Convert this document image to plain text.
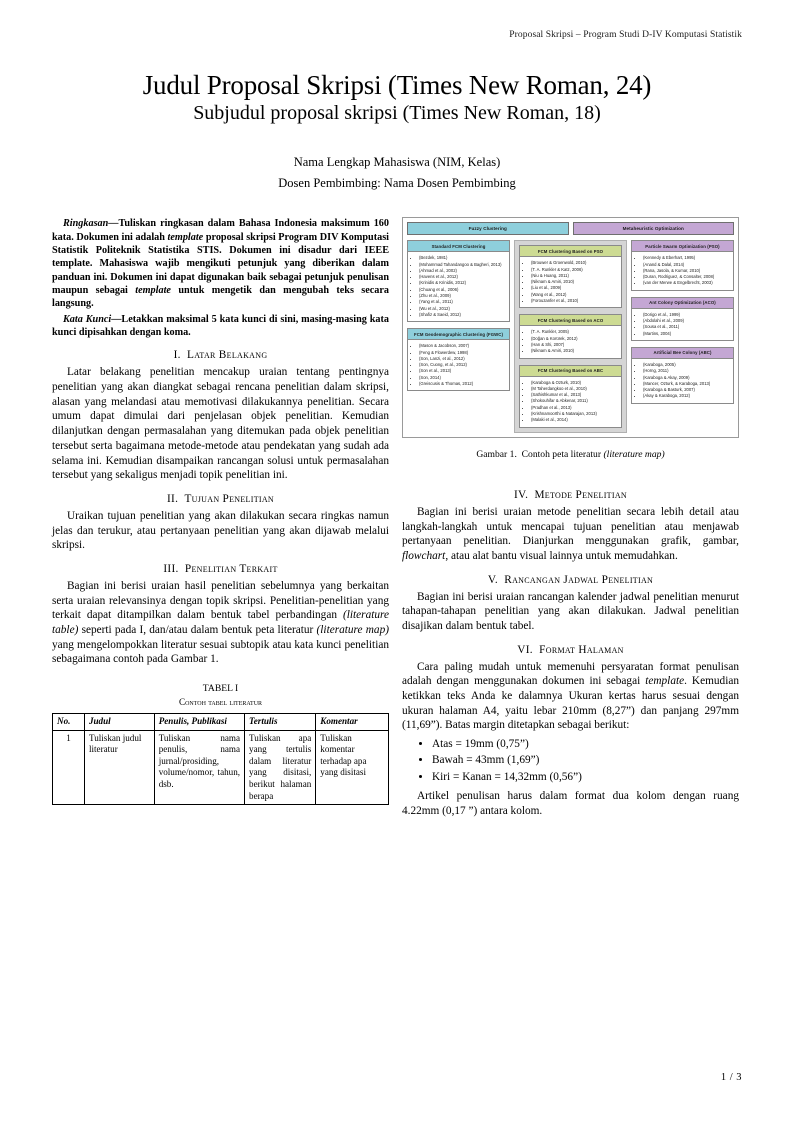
Proposal Skripsi – Program Studi D-IV Komputasi Statistik
Judul Proposal Skripsi (Times New Roman, 24)
Subjudul proposal skripsi (Times New Roman, 18)
Nama Lengkap Mahasiswa (NIM, Kelas)
Dosen Pembimbing: Nama Dosen Pembimbing
Ringkasan—Tuliskan ringkasan dalam Bahasa Indonesia maksimum 160 kata. Dokumen ini adalah template proposal skripsi Program DIV Komputasi Statistik Politeknik Statistika STIS. Dokumen ini disadur dari IEEE template. Mahasiswa wajib mengikuti petunjuk yang diberikan dalam panduan ini. Dokumen ini dapat digunakan baik sebagai petunjuk penulisan maupun sebagai template untuk mengetik dan mengubah teks secara langsung.
Kata Kunci—Letakkan maksimal 5 kata kunci di sini, masing-masing kata kunci dipisahkan dengan koma.
I. Latar Belakang

Latar belakang penelitian mencakup uraian tentang pentingnya penelitian yang akan diangkat sebagai rencana penelitian dalam skripsi, alasan yang melandasi atau memotivasi dilakukannya penelitian. Secara umum dapat dimulai dari penjelasan objek penelitian. Kemudian dilanjutkan dengan permasalahan yang ditemukan pada objek penelitian tersebut serta bagaimana metode-metode atau pendekatan yang sudah ada selama ini. Kemudian disampaikan rancangan solusi untuk permasalahan tersebut yang sekaligus menjadi topik penelitian ini.

II. Tujuan Penelitian

Uraikan tujuan penelitian yang akan dilakukan secara ringkas namun jelas dan terukur, atau pertanyaan penelitian yang akan dijawab melalui skripsi.

III. Penelitian Terkait

Bagian ini berisi uraian hasil penelitian sebelumnya yang berkaitan serta uraian relevansinya dengan topik skripsi. Penelitian-penelitian yang terkait dapat ditampilkan dalam bentuk tabel perbandingan (literature table) seperti pada I, dan/atau dalam bentuk peta literatur (literature map) yang mengelompokkan literatur sesuai subtopik atau kata kunci penelitian sebagaimana contoh pada Gambar 1.

TABEL I
Contoh tabel literatur
No.	Judul	Penulis, Publikasi	Tertulis	Komentar
1	Tuliskan judul literatur	Tuliskan nama penulis, nama jurnal/prosiding, volume/nomor, tahun, dsb.	Tuliskan apa yang tertulis dalam literatur yang disitasi, berikut halaman berapa	Tuliskan komentar terhadap apa yang disitasi
Fuzzy Clustering	Metaheuristic Optimization
Standard FCM Clustering
• (Bezdek, 1981)
• (Mohammad Tahandangoo & Bagheri, 2013)
• (Ahmad et al., 2002)
• (Havens et al., 2012)
• (Krinidis & Krinidis, 2012)
• (Chuang et al., 2006)
• (Zhu et al., 2009)
• (Yang et al., 2011)
• (Wu et al., 2012)
• (Shafiz & Saeid, 2012)
FCM Geodemographic Clustering (FGWC)
• (Mason & Jacobson, 2007)
• (Feng & Flowerdew, 1998)
• (Son, Lanzi, et al., 2012)
• (Son, Cuong, et al., 2012)
• (Son et al., 2013)
• (Son, 2014)
• (Greiscusis & Thomas, 2012)
FCM Clustering Based on PSO
• (Brouwer & Groenwold, 2010)
• (T. A. Runkler & Katz, 2006)
• (Niu & Huang, 2011)
• (Niknam & Amiri, 2010)
• (Liu et al., 2009)
• (Wang et al., 2012)
• (Forouzanfer et al., 2010)
FCM Clustering Based on ACO
• (T. A. Runkler, 2005)
• (Doğan & Korürek, 2012)
• (Han & Shi, 2007)
• (Niknam & Amiri, 2010)
FCM Clustering Based on ABC
• (Karaboga & Ozturk, 2010)
• (M Taherdangkoo et al., 2010)
• (Sathishkumar et al., 2013)
• (Shokouhifar & Abkenar, 2011)
• (Pradhan et al., 2013)
• (Krishnamoorthi & Natarajan, 2013)
• (Malaki et al., 2014)
Particle Swarm Optimization (PSO)
• (Kennedy & Eberhart, 1995)
• (Anand & Dalal, 2014)
• (Rana, Jasola, & Kumar, 2010)
• (Duran, Rodriguez, & Consalter, 2008)
• (van der Merwe & Engelbrecht, 2003)
Ant Colony Optimization (ACO)
• (Dorigo et al., 1999)
• (Abdolahi et al., 2009)
• (Sousa et al., 2011)
• (Martins, 2004)
Artificial Bee Colony (ABC)
• (Karaboga, 2005)
• (Horng, 2011)
• (Karaboga & Akay, 2009)
• (Mancer, Ozturk, & Karaboga, 2013)
• (Karaboga & Basturk, 2007)
• (Akay & Karaboga, 2012)
Gambar 1. Contoh peta literatur (literature map)
IV. Metode Penelitian

Bagian ini berisi uraian metode penelitian secara lebih detail atau langkah-langkah untuk mencapai tujuan penelitian atau menjawab pertanyaan penelitian. Dianjurkan menggunakan grafik, gambar, flowchart, atau alat bantu visual lainnya untuk memudahkan.

V. Rancangan Jadwal Penelitian

Bagian ini berisi uraian rancangan kalender jadwal penelitian menurut tahapan-tahapan penelitian yang akan dilakukan. Jadwal penelitian disajikan dalam bentuk tabel.

VI. Format Halaman

Cara paling mudah untuk memenuhi persyaratan format penulisan adalah dengan menggunakan dokumen ini sebagai template. Kemudian ketikkan teks Anda ke dalamnya Ukuran kertas harus sesuai dengan ukuran halaman A4, yaitu lebar 210mm (8,27”) dan panjang 297mm (11,69”). Batas margin ditetapkan sebagai berikut:

• Atas = 19mm (0,75”)
• Bawah = 43mm (1,69”)
• Kiri = Kanan = 14,32mm (0,56”)

Artikel penulisan harus dalam format dua kolom dengan ruang 4.22mm (0,17 ”) antara kolom.

1 / 3
